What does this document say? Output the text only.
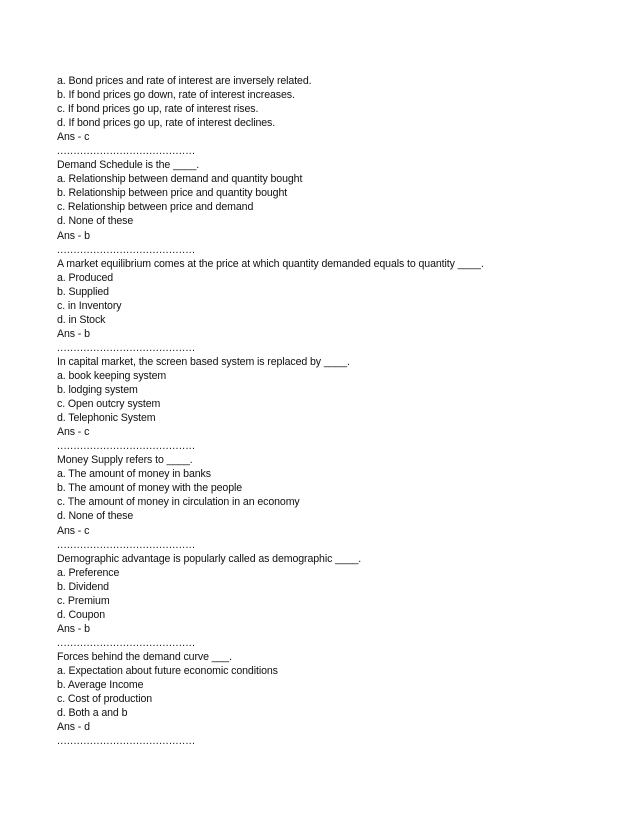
a. Bond prices and rate of interest are inversely related.
b. If bond prices go down, rate of interest increases.
c. If bond prices go up, rate of interest rises.
d. If bond prices go up, rate of interest declines.
Ans - c
..........................................
Demand Schedule is the ____.
a. Relationship between demand and quantity bought
b. Relationship between price and quantity bought
c. Relationship between price and demand
d. None of these
Ans - b
..........................................
A market equilibrium comes at the price at which quantity demanded equals to quantity ____.
a. Produced
b. Supplied
c. in Inventory
d. in Stock
Ans - b
..........................................
In capital market, the screen based system is replaced by ____.
a. book keeping system
b. lodging system
c. Open outcry system
d. Telephonic System
Ans - c
..........................................
Money Supply refers to ____.
a. The amount of money in banks
b. The amount of money with the people
c. The amount of money in circulation in an economy
d. None of these
Ans - c
..........................................
Demographic advantage is popularly called as demographic ____.
a. Preference
b. Dividend
c. Premium
d. Coupon
Ans - b
..........................................
Forces behind the demand curve ___.
a. Expectation about future economic conditions
b. Average Income
c. Cost of production
d. Both a and b
Ans - d
..........................................
